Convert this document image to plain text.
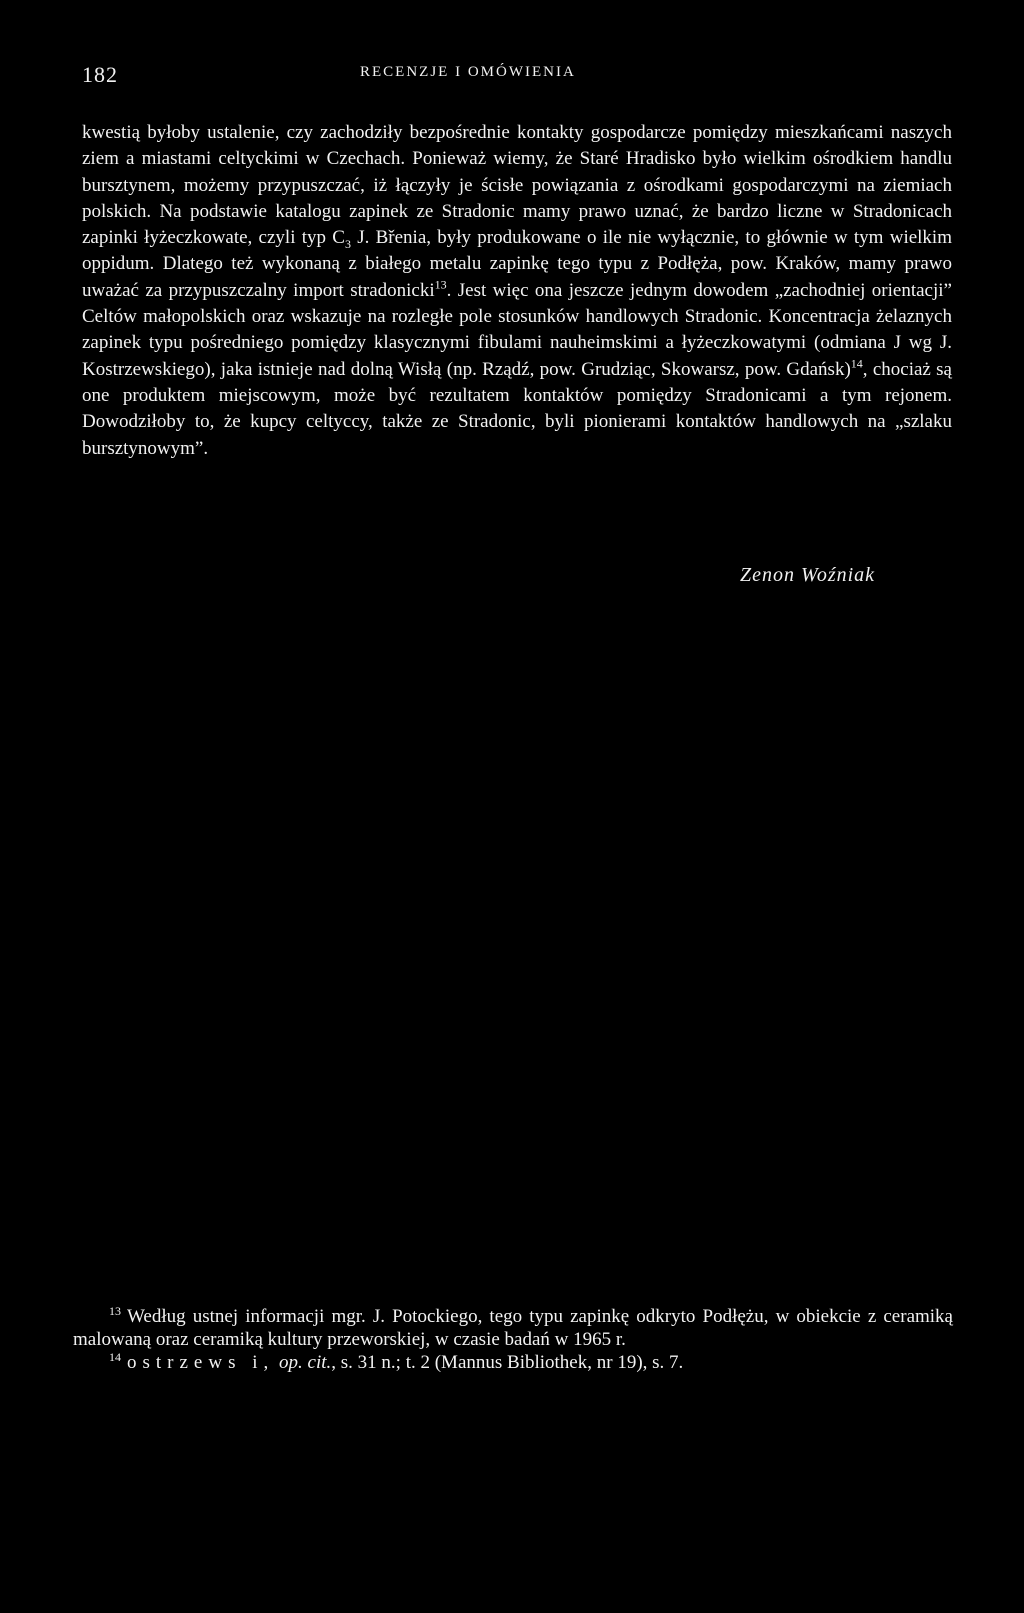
182	RECENZJE I OMÓWIENIA

kwestią byłoby ustalenie, czy zachodziły bezpośrednie kontakty gospodarcze pomiędzy mieszkańcami naszych ziem a miastami celtyckimi w Czechach. Ponieważ wiemy, że Staré Hradisko było wielkim ośrodkiem handlu bursztynem, możemy przypuszczać, iż łączyły je ścisłe powiązania z ośrodkami gospodarczymi na ziemiach polskich. Na podstawie katalogu zapinek ze Stradonic mamy prawo uznać, że bardzo liczne w Stradonicach zapinki łyżeczkowate, czyli typ $C_3$ J. Břenia, były produkowane o ile nie wyłącznie, to głównie w tym wielkim oppidum. Dlatego też wykonaną z białego metalu zapinkę tego typu z Podłęża, pow. Kraków, mamy prawo uważać za przypuszczalny import stradonicki$^{13}$. Jest więc ona jeszcze jednym dowodem „zachodniej orientacji” Celtów małopolskich oraz wskazuje na rozległe pole stosunków handlowych Stradonic. Koncentracja żelaznych zapinek typu pośredniego pomiędzy klasycznymi fibulami nauheimskimi a łyżeczkowatymi (odmiana J wg J. Kostrzewskiego), jaka istnieje nad dolną Wisłą (np. Rządź, pow. Grudziąc, Skowarsz, pow. Gdańsk)$^{14}$, chociaż są one produktem miejscowym, może być rezultatem kontaktów pomiędzy Stradonicami a tym rejonem. Dowodziłoby to, że kupcy celtyccy, także ze Stradonic, byli pionierami kontaktów handlowych na „szlaku bursztynowym”.

Zenon Woźniak

$^{13}$ Według ustnej informacji mgr. J. Potockiego, tego typu zapinkę odkryto Podłężu, w obiekcie z ceramiką malowaną oraz ceramiką kultury przeworskiej, w czasie badań w 1965 r.

$^{14}$ ostrzews i, op. cit., s. 31 n.; t. 2 (Mannus Bibliothek, nr 19), s. 7.
